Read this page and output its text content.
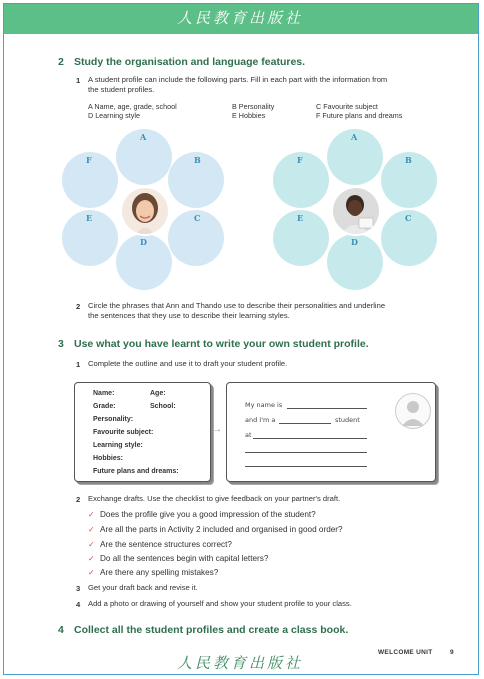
人民教育出版社
2 Study the organisation and language features.
1 A student profile can include the following parts. Fill in each part with the information from
the student profiles.
A Name, age, grade, school	B Personality	C Favourite subject
D Learning style	E Hobbies	F Future plans and dreams
A
B
C
D
E
F
A
B
C
D
E
F
2 Circle the phrases that Ann and Thando use to describe their personalities and underline
the sentences that they use to describe their learning styles.
3 Use what you have learnt to write your own student profile.
1 Complete the outline and use it to draft your student profile.
Name:	Age:
Grade:	School:
Personality:
Favourite subject:
Learning style:
Hobbies:
Future plans and dreams:
→
My name is
and I'm a	student
at
2 Exchange drafts. Use the checklist to give feedback on your partner's draft.
✓ Does the profile give you a good impression of the student?
✓ Are all the parts in Activity 2 included and organised in good order?
✓ Are the sentence structures correct?
✓ Do all the sentences begin with capital letters?
✓ Are there any spelling mistakes?
3 Get your draft back and revise it.
4 Add a photo or drawing of yourself and show your student profile to your class.
4 Collect all the student profiles and create a class book.
WELCOME UNIT	9
人民教育出版社
